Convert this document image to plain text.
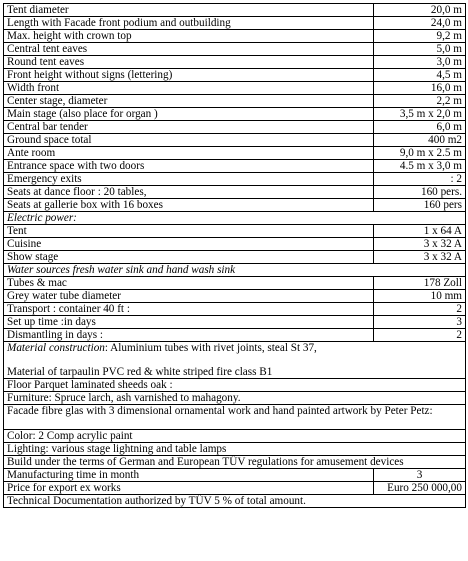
Tent diameter	20,0 m
Length with Facade front podium and outbuilding	24,0 m
Max. height with crown top	9,2 m
Central tent eaves	5,0 m
Round tent eaves	3,0 m
Front height without signs (lettering)	4,5 m
Width front	16,0 m
Center stage, diameter	2,2 m
Main stage (also place for organ )	3,5 m x 2,0 m
Central bar tender	6,0 m
Ground space total	400 m2
Ante room	9,0 m x 2.5 m
Entrance space with two doors	4.5 m x 3,0 m
Emergency exits	: 2
Seats at dance floor : 20 tables,	160 pers.
Seats at gallerie box with 16 boxes	160 pers
Electric power:	
Tent	1 x 64 A
Cuisine	3 x 32 A
Show stage	3 x 32 A
Water sources fresh water sink and hand wash sink	
Tubes & mac	178 Zoll
Grey water tube diameter	10 mm
Transport : container 40 ft :	2
Set up time :in days	3
Dismantling in days :	2

Material construction: Aluminium tubes with rivet joints, steal St 37,

Material of tarpaulin PVC red & white striped fire class B1	

Floor Parquet laminated sheeds oak :	
Furniture: Spruce larch, ash varnished to mahagony.	
Facade fibre glas with 3 dimensional ornamental work and hand painted artwork by Peter Petz:	
Color: 2 Comp acrylic paint	
Lighting: various stage lightning and table lamps	
Build under the terms of German and European TÜV regulations for amusement devices	
Manufacturing time in month	3
Price for export ex works	Euro 250 000,00
Technical Documentation authorized by TÜV 5 % of total amount.	
